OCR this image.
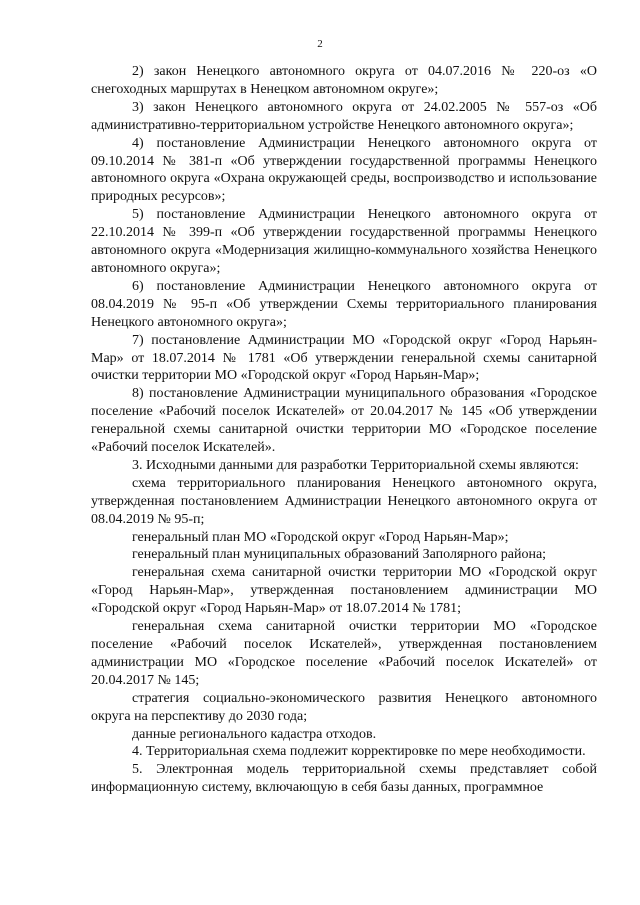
2

2) закон Ненецкого автономного округа от 04.07.2016 № 220-оз «О снегоходных маршрутах в Ненецком автономном округе»;

3) закон Ненецкого автономного округа от 24.02.2005 № 557-оз «Об административно-территориальном устройстве Ненецкого автономного округа»;

4) постановление Администрации Ненецкого автономного округа от 09.10.2014 № 381-п «Об утверждении государственной программы Ненецкого автономного округа «Охрана окружающей среды, воспроизводство и использование природных ресурсов»;

5) постановление Администрации Ненецкого автономного округа от 22.10.2014 № 399-п «Об утверждении государственной программы Ненецкого автономного округа «Модернизация жилищно-коммунального хозяйства Ненецкого автономного округа»;

6) постановление Администрации Ненецкого автономного округа от 08.04.2019 № 95-п «Об утверждении Схемы территориального планирования Ненецкого автономного округа»;

7) постановление Администрации МО «Городской округ «Город Нарьян-Мар» от 18.07.2014 № 1781 «Об утверждении генеральной схемы санитарной очистки территории МО «Городской округ «Город Нарьян-Мар»;

8) постановление Администрации муниципального образования «Городское поселение «Рабочий поселок Искателей» от 20.04.2017 № 145 «Об утверждении генеральной схемы санитарной очистки территории МО «Городское поселение «Рабочий поселок Искателей».

3. Исходными данными для разработки Территориальной схемы являются:

схема территориального планирования Ненецкого автономного округа, утвержденная постановлением Администрации Ненецкого автономного округа от 08.04.2019 № 95-п;

генеральный план МО «Городской округ «Город Нарьян-Мар»;

генеральный план муниципальных образований Заполярного района;

генеральная схема санитарной очистки территории МО «Городской округ «Город Нарьян-Мар», утвержденная постановлением администрации МО «Городской округ «Город Нарьян-Мар» от 18.07.2014 № 1781;

генеральная схема санитарной очистки территории МО «Городское поселение «Рабочий поселок Искателей», утвержденная постановлением администрации МО «Городское поселение «Рабочий поселок Искателей» от 20.04.2017 № 145;

стратегия социально-экономического развития Ненецкого автономного округа на перспективу до 2030 года;

данные регионального кадастра отходов.

4. Территориальная схема подлежит корректировке по мере необходимости.

5. Электронная модель территориальной схемы представляет собой информационную систему, включающую в себя базы данных, программное
